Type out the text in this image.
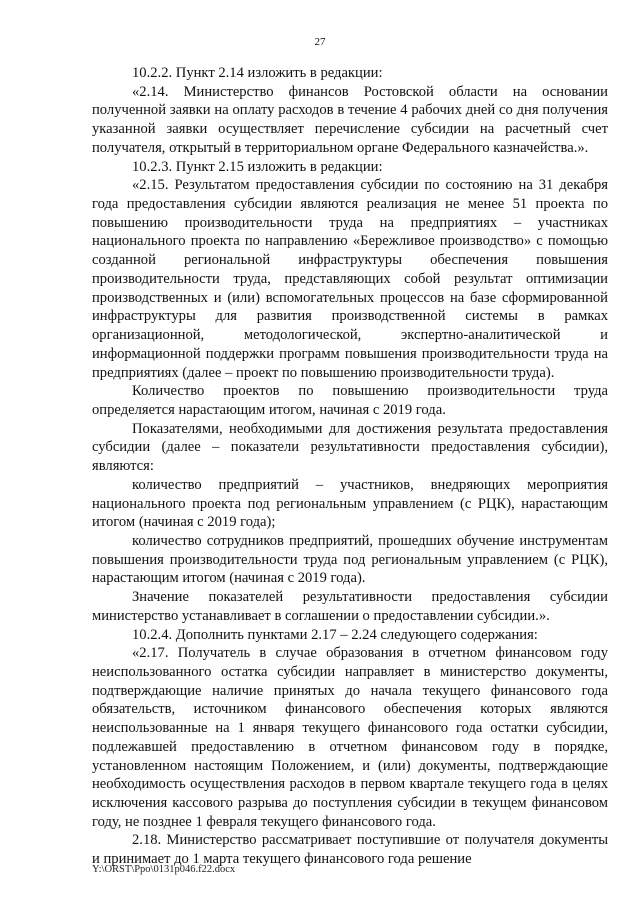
27

10.2.2. Пункт 2.14 изложить в редакции:

«2.14. Министерство финансов Ростовской области на основании полученной заявки на оплату расходов в течение 4 рабочих дней со дня получения указанной заявки осуществляет перечисление субсидии на расчетный счет получателя, открытый в территориальном органе Федерального казначейства.».

10.2.3. Пункт 2.15 изложить в редакции:

«2.15. Результатом предоставления субсидии по состоянию на 31 декабря года предоставления субсидии являются реализация не менее 51 проекта по повышению производительности труда на предприятиях – участниках национального проекта по направлению «Бережливое производство» с помощью созданной региональной инфраструктуры обеспечения повышения производительности труда, представляющих собой результат оптимизации производственных и (или) вспомогательных процессов на базе сформированной инфраструктуры для развития производственной системы в рамках организационной, методологической, экспертно-аналитической и информационной поддержки программ повышения производительности труда на предприятиях (далее – проект по повышению производительности труда).

Количество проектов по повышению производительности труда определяется нарастающим итогом, начиная с 2019 года.

Показателями, необходимыми для достижения результата предоставления субсидии (далее – показатели результативности предоставления субсидии), являются:

количество предприятий – участников, внедряющих мероприятия национального проекта под региональным управлением (с РЦК), нарастающим итогом (начиная с 2019 года);

количество сотрудников предприятий, прошедших обучение инструментам повышения производительности труда под региональным управлением (с РЦК), нарастающим итогом (начиная с 2019 года).

Значение показателей результативности предоставления субсидии министерство устанавливает в соглашении о предоставлении субсидии.».

10.2.4. Дополнить пунктами 2.17 – 2.24 следующего содержания:

«2.17. Получатель в случае образования в отчетном финансовом году неиспользованного остатка субсидии направляет в министерство документы, подтверждающие наличие принятых до начала текущего финансового года обязательств, источником финансового обеспечения которых являются неиспользованные на 1 января текущего финансового года остатки субсидии, подлежавшей предоставлению в отчетном финансовом году в порядке, установленном настоящим Положением, и (или) документы, подтверждающие необходимость осуществления расходов в первом квартале текущего года в целях исключения кассового разрыва до поступления субсидии в текущем финансовом году, не позднее 1 февраля текущего финансового года.

2.18. Министерство рассматривает поступившие от получателя документы и принимает до 1 марта текущего финансового года решение

Y:\ORST\Ppo\0131p046.f22.docx
